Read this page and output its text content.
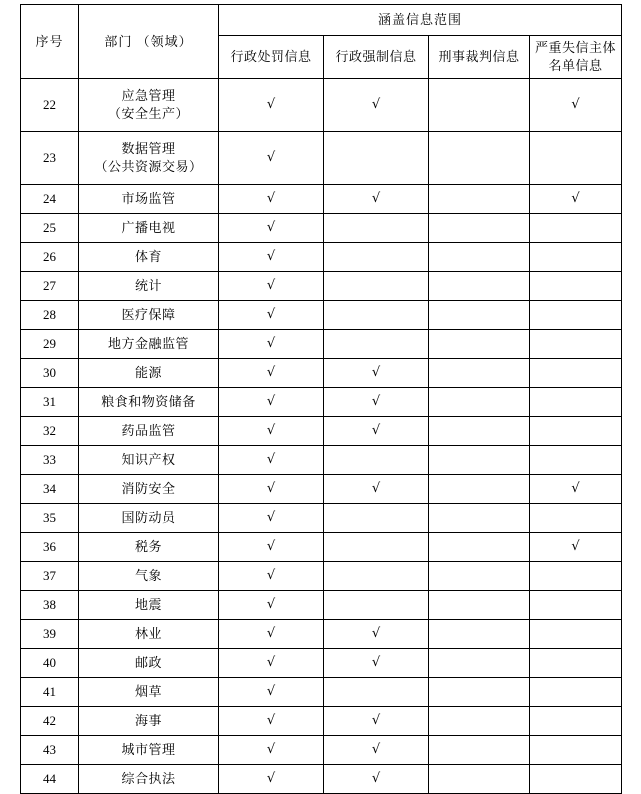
序号	部门 （领域）	涵盖信息范围			

		行政处罚信息	行政强制信息	刑事裁判信息	严重失信主体
名单信息

22	应急管理
（安全生产）	√	√		√
23	数据管理
（公共资源交易）	√			
24	市场监管	√	√		√
25	广播电视	√			
26	体育	√			
27	统计	√			
28	医疗保障	√			
29	地方金融监管	√			
30	能源	√	√		
31	粮食和物资储备	√	√		
32	药品监管	√	√		
33	知识产权	√			
34	消防安全	√	√		√
35	国防动员	√			
36	税务	√			√
37	气象	√			
38	地震	√			
39	林业	√	√		
40	邮政	√	√		
41	烟草	√			
42	海事	√	√		
43	城市管理	√	√		
44	综合执法	√	√		
